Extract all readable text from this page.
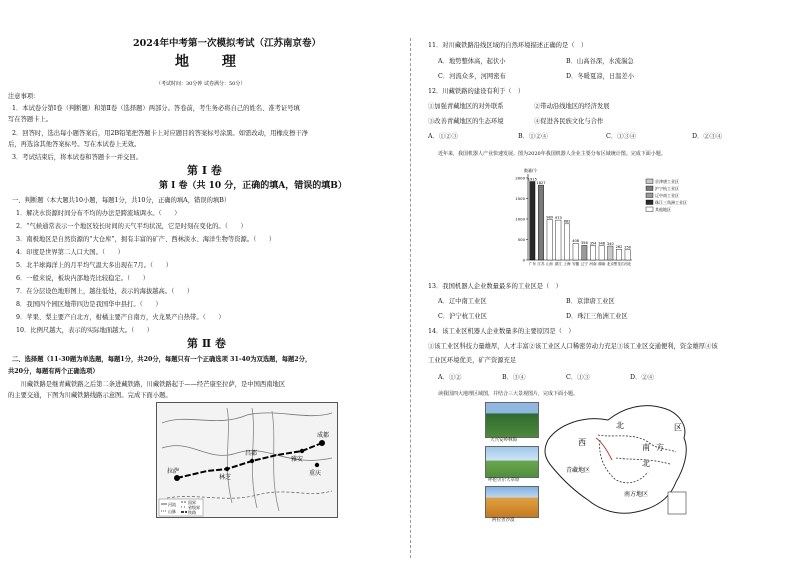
2024年中考第一次模拟考试（江苏南京卷）
地 理
（考试时间：30分钟 试卷满分：50分）
注意事项：
1．本试卷分第Ⅰ卷（判断题）和第Ⅱ卷（选择题）两部分。答卷前，考生务必将自己的姓名、准考证号填
写在答题卡上。
2．回答时，选出每小题答案后，用2B铅笔把答题卡上对应题目的答案标号涂黑。如需改动，用橡皮擦干净
后，再选涂其他答案标号。写在本试卷上无效。
3．考试结束后，将本试卷和答题卡一并交回。
第 Ⅰ 卷
第 Ⅰ 卷（共 10 分，正确的填A，错误的填B）
一、判断题（本大题共10小题，每题1分，共10分，正确的填A，错误的填B）
1．解决水资源时间分布不均的办法是跨流域调水。（　　）
2．“气候通常表示一个地区较长时间的天气平均状况，它是时刻在变化的。（　　）
3．南极地区是自然资源的“大仓库”，拥有丰富的矿产、西林淡水、海洋生物等资源。（　　）
4．印度是世界第二人口大国。（　　）
5．北半球海洋上的月平均气温大多出现在7月。（　　）
6．一般来说，板块内部地壳比较稳定。（　　）
7．在分层设色地形图上，越往低处，表示的海拔越高。（　　）
8．我国四个园区地带四边是我国华中县打。（　　）
9．苹果、梨主要产自北方，柑橘主要产自南方，火龙果产自热带。（　　）
10．比例尺越大，表示的实际地面越大。（　　）
第 Ⅱ 卷
二、选择题（11-30题为单选题，每题1分，共20分，每题只有一个正确选项 31-40为双选题，每题2分，
共20分，每题有两个正确选项）
　　川藏铁路是继青藏铁路之后第二条进藏铁路，川藏铁路起于——经芒康至拉萨，是中国西南地区
的主要交通，下图为川藏铁路线路示意图。完成下面小题。
拉萨
林芝
昌都
雅安
成都
重庆
河流
山脉
国界
省级界
铁路
11．对川藏铁路沿线区域的自然环境描述正确的是（　）
A．地势整体高，起伏小	B．山高谷深，水流湍急
C．河流众多，河网密布	D．冬暖夏凉，日温差小
12．川藏铁路的建设有利于（　）
①加强青藏地区的对外联系	②带动沿线地区的经济发展
③改善青藏地区的生态环境	④促进各民族文化与合作
A．①②③	B．①②④	C．①③④	D．②③④
　　近年来，我国机器人产业快速发展。图为2020年我国机器人企业主要分布区域统计图。完成下面小题。
数量/个
0
500
1000
1500
2000 1915
广东
1827
江苏
989
山东
973
浙江
882
上海
408
安徽
356
辽宁
354
河南
348
湖南
340
北京
262
黑龙江
250
河北
京津唐工业区
沪宁杭工业区
辽中南工业区
珠江三角洲工业区
其他地区
13．我国机器人企业数量最多的工业区是（　）
A．辽中南工业区	B．京津唐工业区
C．沪宁杭工业区	D．珠江三角洲工业区
14．该工业区机器人企业数量多的主要原因是（　）
①该工业区科技力量雄厚，人才丰富②该工业区人口稀密劳动力充足③该工业区交通便利，资金雄厚④该
工业区环境优美，矿产资源充足
A．①②	B．③④	C．①③	D．②④
　　读我国四大地理区域图，并结合三大景观图片，完成下面小题。
大兴安岭林海
呼伦贝尔大草原
阿拉善沙漠
西
北
青藏地区
南 方
北
南方地区
区
